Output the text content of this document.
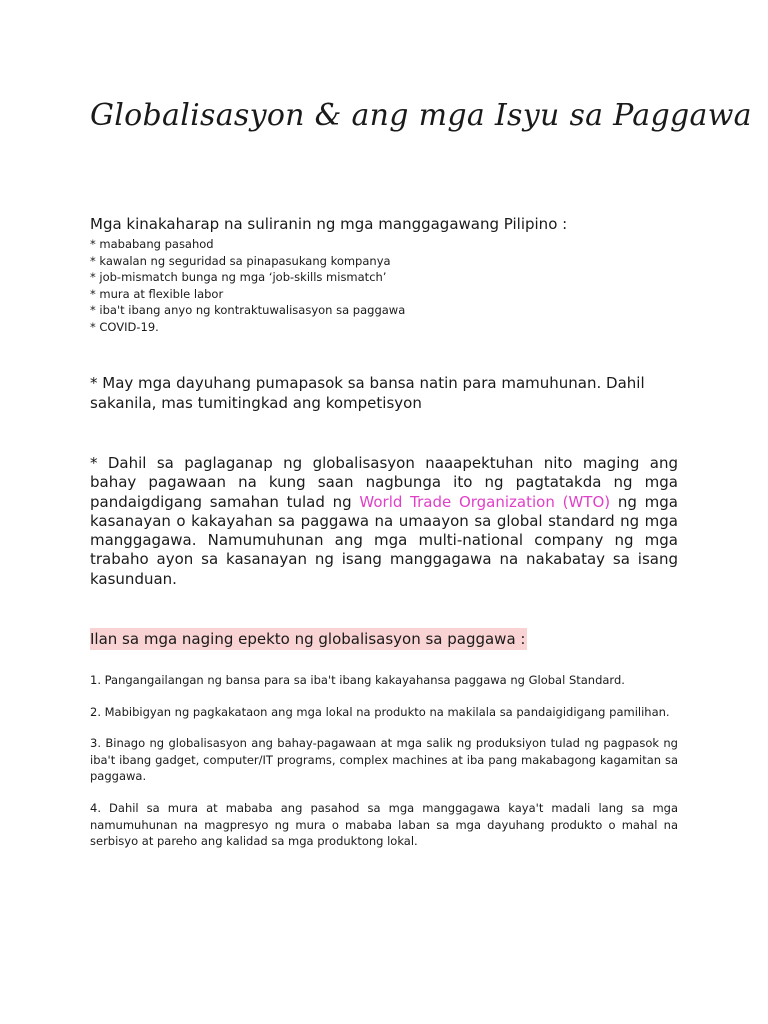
Globalisasyon & ang mga Isyu sa Paggawa

Mga kinakaharap na suliranin ng mga manggagawang Pilipino :

* mababang pasahod
* kawalan ng seguridad sa pinapasukang kompanya
* job-mismatch bunga ng mga ‘job-skills mismatch’
* mura at flexible labor
* iba't ibang anyo ng kontraktuwalisasyon sa paggawa
* COVID-19.

* May mga dayuhang pumapasok sa bansa natin para mamuhunan. Dahil sakanila, mas tumitingkad ang kompetisyon

* Dahil sa paglaganap ng globalisasyon naaapektuhan nito maging ang bahay pagawaan na kung saan nagbunga ito ng pagtatakda ng mga pandaigdigang samahan tulad ng World Trade Organization (WTO) ng mga kasanayan o kakayahan sa paggawa na umaayon sa global standard ng mga manggagawa. Namumuhunan ang mga multi-national company ng mga trabaho ayon sa kasanayan ng isang manggagawa na nakabatay sa isang kasunduan.

Ilan sa mga naging epekto ng globalisasyon sa paggawa :
1. Pangangailangan ng bansa para sa iba't ibang kakayahansa paggawa ng Global Standard.
2. Mabibigyan ng pagkakataon ang mga lokal na produkto na makilala sa pandaigidigang pamilihan.
3. Binago ng globalisasyon ang bahay-pagawaan at mga salik ng produksiyon tulad ng pagpasok ng iba't ibang gadget, computer/IT programs, complex machines at iba pang makabagong kagamitan sa paggawa.
4. Dahil sa mura at mababa ang pasahod sa mga manggagawa kaya't madali lang sa mga namumuhunan na magpresyo ng mura o mababa laban sa mga dayuhang produkto o mahal na serbisyo at pareho ang kalidad sa mga produktong lokal.
